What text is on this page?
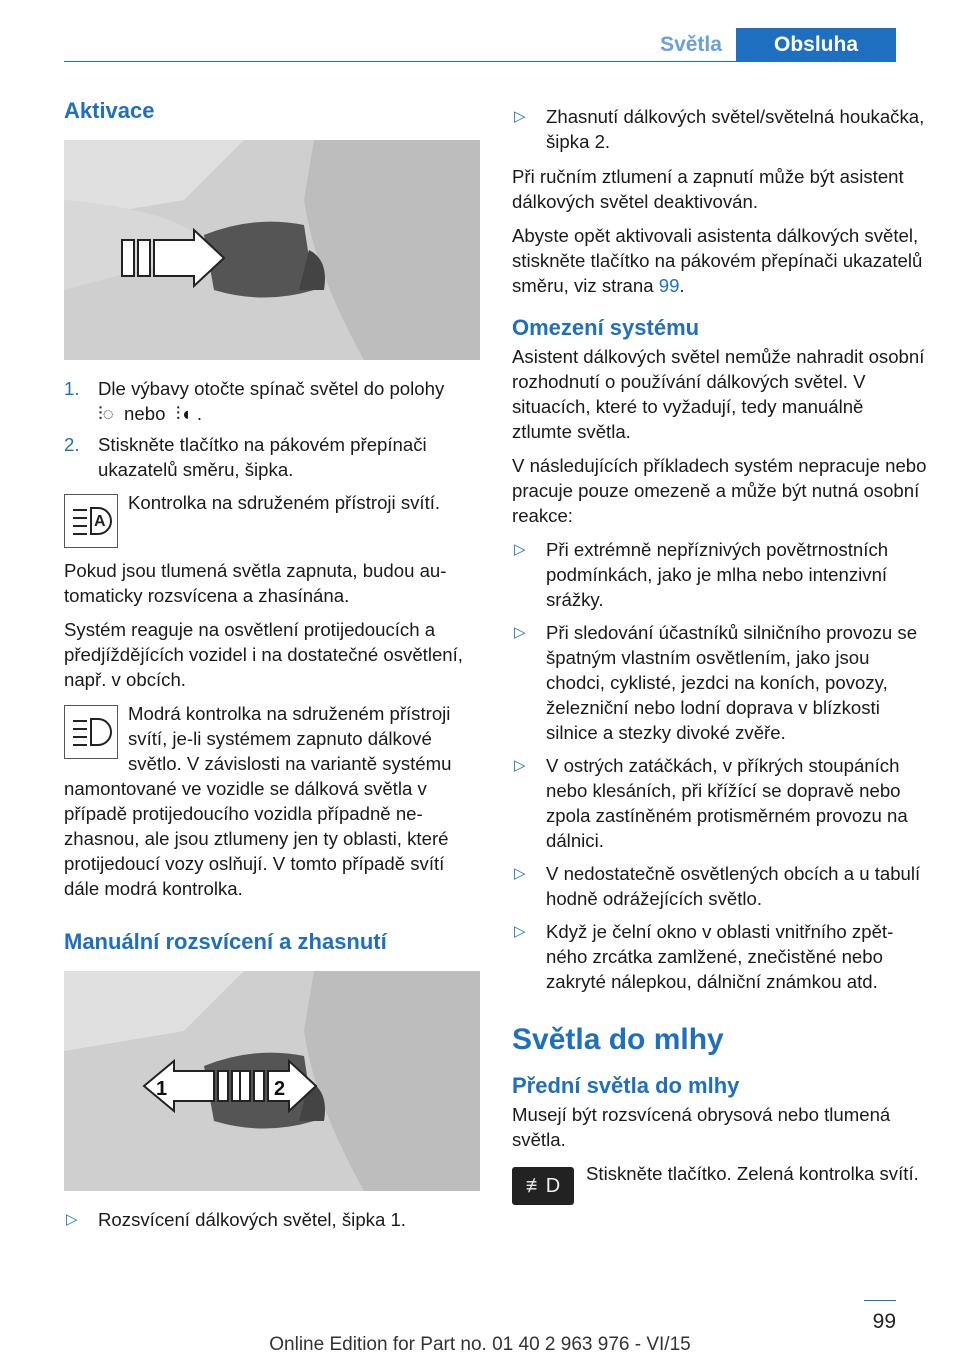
Světla	Obsluha
Aktivace
1. Dle výbavy otočte spínač světel do polohy
⫶◌ nebo ⫶◖ .
2. Stiskněte tlačítko na pákovém přepínači ukazatelů směru, šipka.
A

Kontrolka na sdruženém přístroji svítí.

Pokud jsou tlumená světla zapnuta, budou automaticky rozsvícena a zhasínána.

Systém reaguje na osvětlení protijedoucích a předjíždějících vozidel i na dostatečné osvětlení, např. v obcích.

Modrá kontrolka na sdruženém přístroji svítí, je-li systémem zapnuto dálkové světlo. V závislosti na variantě systému namontované ve vozidle se dálková světla v případě protijedoucího vozidla případně nezhasnou, ale jsou ztlumeny jen ty oblasti, které protijedoucí vozy oslňují. V tomto případě svítí dále modrá kontrolka.

Manuální rozsvícení a zhasnutí
1	2
▷ Rozsvícení dálkových světel, šipka 1.
▷ Zhasnutí dálkových světel/světelná houkačka, šipka 2.

Při ručním ztlumení a zapnutí může být asistent dálkových světel deaktivován.

Abyste opět aktivovali asistenta dálkových světel, stiskněte tlačítko na pákovém přepínači ukazatelů směru, viz strana 99.

Omezení systému

Asistent dálkových světel nemůže nahradit osobní rozhodnutí o používání dálkových světel. V situacích, které to vyžadují, tedy manuálně ztlumte světla.

V následujících příkladech systém nepracuje nebo pracuje pouze omezeně a může být nutná osobní reakce:

▷ Při extrémně nepříznivých povětrnostních podmínkách, jako je mlha nebo intenzivní srážky.
▷ Při sledování účastníků silničního provozu se špatným vlastním osvětlením, jako jsou chodci, cyklisté, jezdci na koních, povozy, železniční nebo lodní doprava v blízkosti silnice a stezky divoké zvěře.
▷ V ostrých zatáčkách, v příkrých stoupáních nebo klesáních, při křížící se dopravě nebo zpola zastíněném protisměrném provozu na dálnici.
▷ V nedostatečně osvětlených obcích a u tabulí hodně odrážejících světlo.
▷ Když je čelní okno v oblasti vnitřního zpětného zrcátka zamlžené, znečistěné nebo zakryté nálepkou, dálniční známkou atd.
Světla do mlhy
Přední světla do mlhy

Musejí být rozsvícená obrysová nebo tlumená světla.

≢D

Stiskněte tlačítko. Zelená kontrolka svítí.

99
Online Edition for Part no. 01 40 2 963 976 - VI/15
